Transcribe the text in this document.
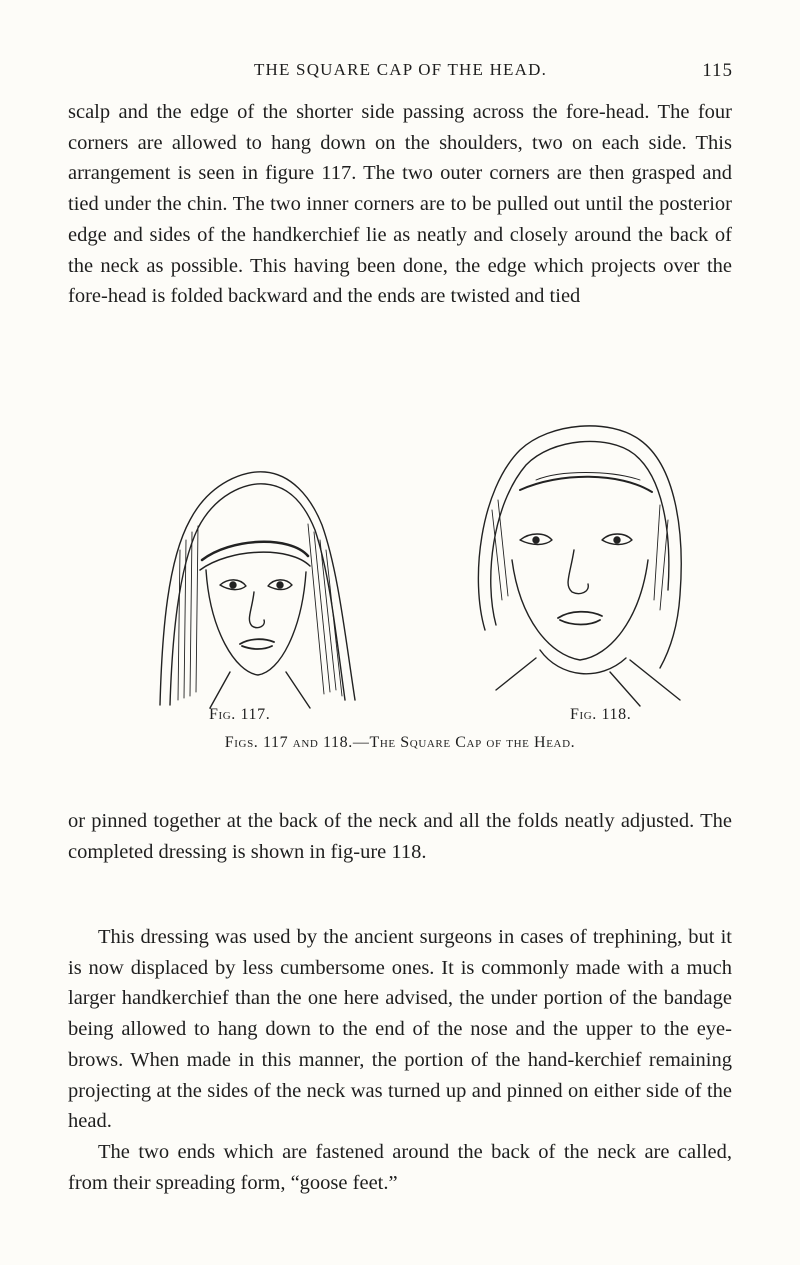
THE SQUARE CAP OF THE HEAD.	115

scalp and the edge of the shorter side passing across the fore-head. The four corners are allowed to hang down on the shoulders, two on each side. This arrangement is seen in figure 117. The two outer corners are then grasped and tied under the chin. The two inner corners are to be pulled out until the posterior edge and sides of the handkerchief lie as neatly and closely around the back of the neck as possible. This having been done, the edge which projects over the fore-head is folded backward and the ends are twisted and tied

Fig. 117.	Fig. 118.
Figs. 117 and 118.—The Square Cap of the Head.

or pinned together at the back of the neck and all the folds neatly adjusted. The completed dressing is shown in fig-ure 118.

This dressing was used by the ancient surgeons in cases of trephining, but it is now displaced by less cumbersome ones. It is commonly made with a much larger handkerchief than the one here advised, the under portion of the bandage being allowed to hang down to the end of the nose and the upper to the eye-brows. When made in this manner, the portion of the hand-kerchief remaining projecting at the sides of the neck was turned up and pinned on either side of the head.

The two ends which are fastened around the back of the neck are called, from their spreading form, “goose feet.”
